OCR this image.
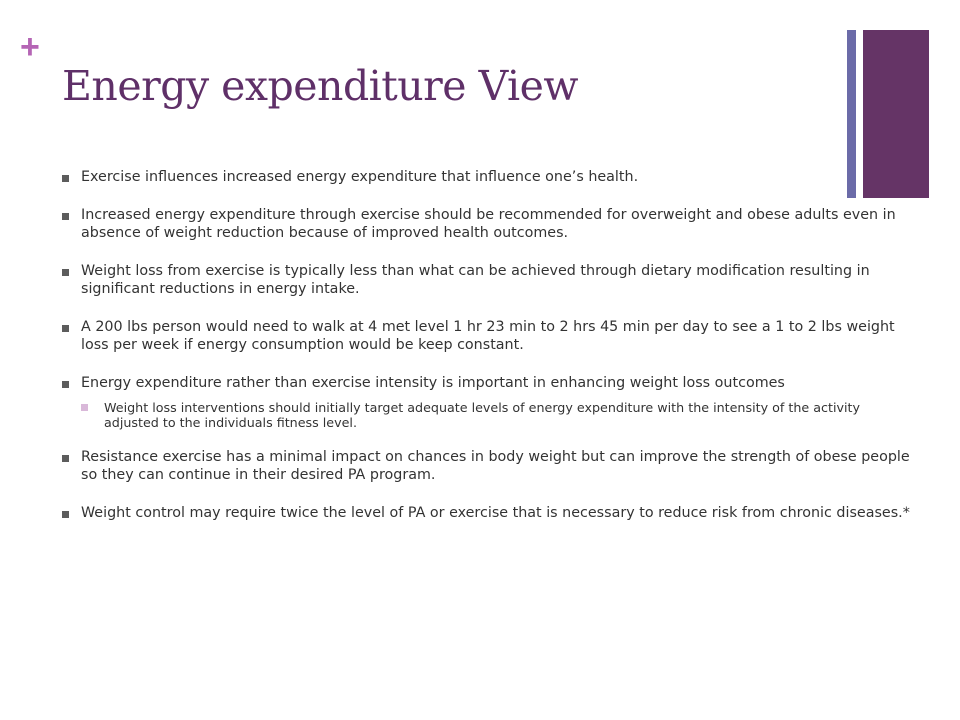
+
Energy expenditure View
Exercise influences increased energy expenditure that influence one’s health.
Increased energy expenditure through exercise should be recommended for overweight and obese adults even in absence of weight reduction because of improved health outcomes.
Weight loss from exercise is typically less than what can be achieved through dietary modification resulting in significant reductions in energy intake.
A 200 lbs person would need to walk at 4 met level 1 hr 23 min to 2 hrs 45 min per day to see a 1 to 2 lbs weight loss per week if energy consumption would be keep constant.
Energy expenditure rather than exercise intensity is important in enhancing weight loss outcomes
Weight loss interventions should initially target adequate levels of energy expenditure with the intensity of the activity adjusted to the individuals fitness level.
Resistance exercise has a minimal impact on chances in body weight but can improve the strength of obese people so they can continue in their desired PA program.
Weight control may require twice the level of PA or exercise that is necessary to reduce risk from chronic diseases.*
